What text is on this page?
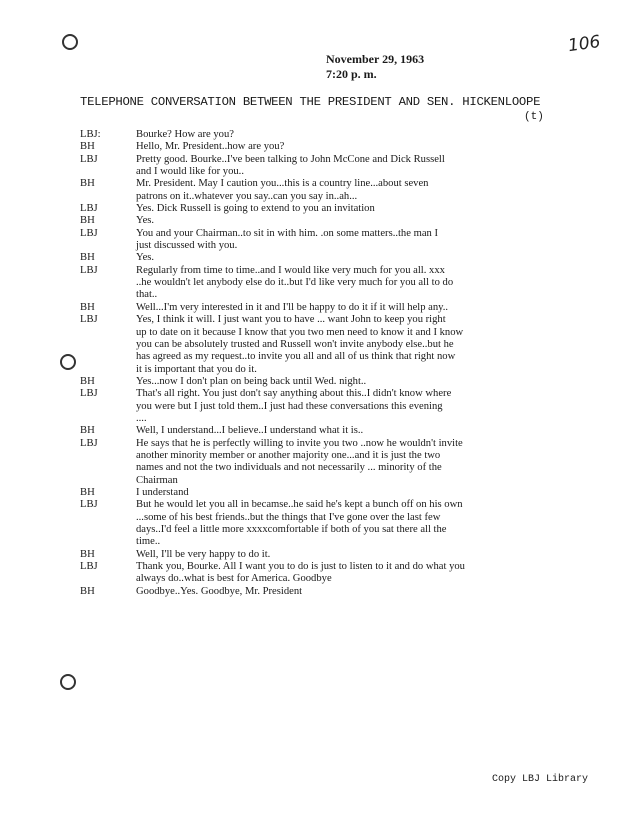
106
November 29, 1963
7:20 p. m.
TELEPHONE CONVERSATION BETWEEN THE PRESIDENT AND SEN. HICKENLOOPE
(t)
LBJ:	Bourke? How are you?
BH	Hello, Mr. President..how are you?
LBJ	Pretty good. Bourke..I've been talking to John McCone and Dick Russell
and I would like for you..
BH	Mr. President. May I caution you...this is a country line...about seven
patrons on it..whatever you say..can you say in..ah...
LBJ	Yes. Dick Russell is going to extend to you an invitation
BH	Yes.
LBJ	You and your Chairman..to sit in with him. .on some matters..the man I
just discussed with you.
BH	Yes.
LBJ	Regularly from time to time..and I would like very much for you all. xxx
..he wouldn't let anybody else do it..but I'd like very much for you all to do
that..
BH	Well...I'm very interested in it and I'll be happy to do it if it will help any..
LBJ	Yes, I think it will. I just want you to have ... want John to keep you right
up to date on it because I know that you two men need to know it and I know
you can be absolutely trusted and Russell won't invite anybody else..but he
has agreed as my request..to invite you all and all of us think that right now
it is important that you do it.
BH	Yes...now I don't plan on being back until Wed. night..
LBJ	That's all right. You just don't say anything about this..I didn't know where
you were but I just told them..I just had these conversations this evening
....
BH	Well, I understand...I believe..I understand what it is..
LBJ	He says that he is perfectly willing to invite you two ..now he wouldn't invite
another minority member or another majority one...and it is just the two
names and not the two individuals and not necessarily ... minority of the
Chairman
BH	I understand
LBJ	But he would let you all in becamse..he said he's kept a bunch off on his own
...some of his best friends..but the things that I've gone over the last few
days..I'd feel a little more xxxxcomfortable if both of you sat there all the
time..
BH	Well, I'll be very happy to do it.
LBJ	Thank you, Bourke. All I want you to do is just to listen to it and do what you
always do..what is best for America. Goodbye
BH	Goodbye..Yes. Goodbye, Mr. President
Copy LBJ Library
